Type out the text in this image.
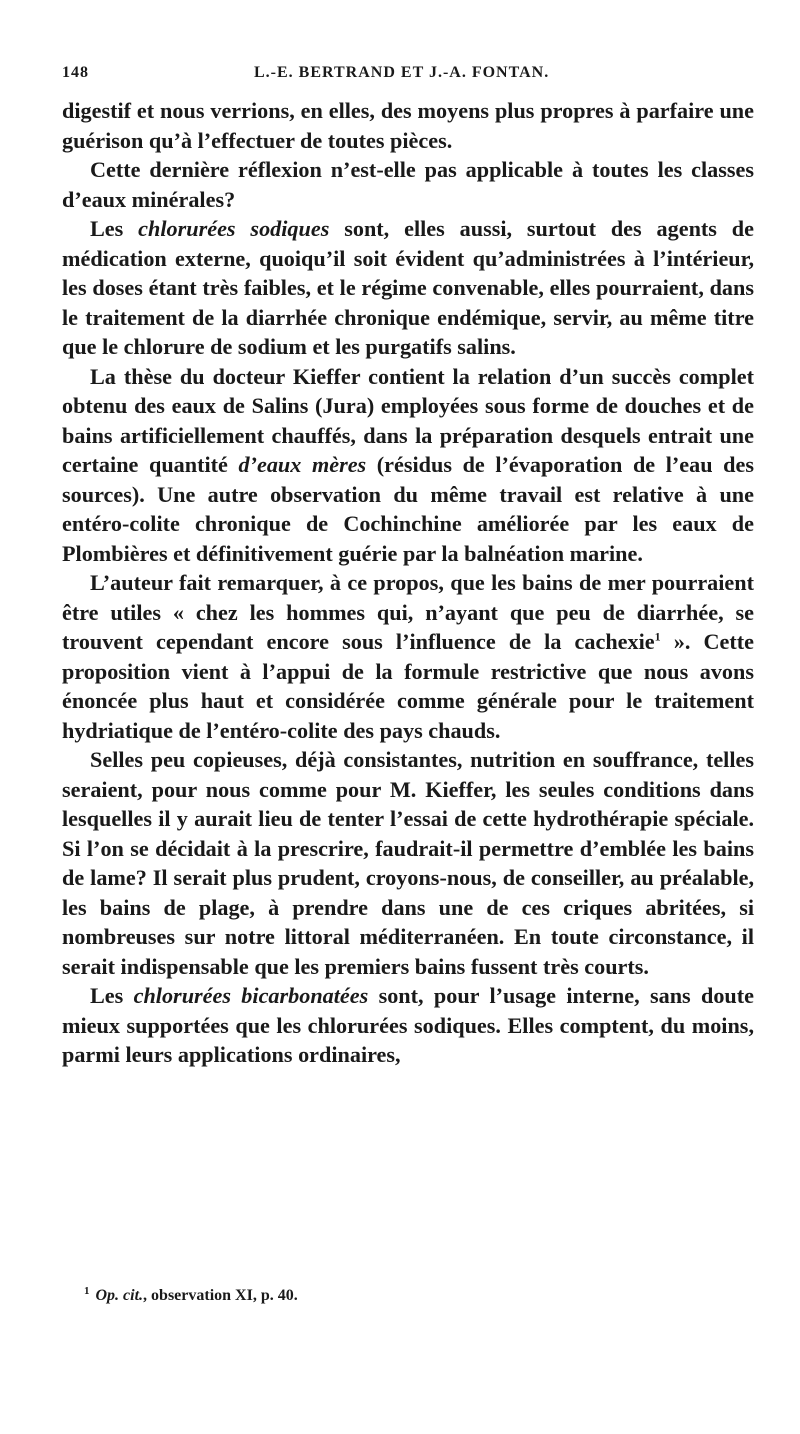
148	L.-E. BERTRAND ET J.-A. FONTAN.

digestif et nous verrions, en elles, des moyens plus propres à parfaire une guérison qu’à l’effectuer de toutes pièces.

Cette dernière réflexion n’est-elle pas applicable à toutes les classes d’eaux minérales?

Les chlorurées sodiques sont, elles aussi, surtout des agents de médication externe, quoiqu’il soit évident qu’administrées à l’intérieur, les doses étant très faibles, et le régime convenable, elles pourraient, dans le traitement de la diarrhée chronique endémique, servir, au même titre que le chlorure de sodium et les purgatifs salins.

La thèse du docteur Kieffer contient la relation d’un succès complet obtenu des eaux de Salins (Jura) employées sous forme de douches et de bains artificiellement chauffés, dans la préparation desquels entrait une certaine quantité d’eaux mères (résidus de l’évaporation de l’eau des sources). Une autre observation du même travail est relative à une entéro-colite chronique de Cochinchine améliorée par les eaux de Plombières et définitivement guérie par la balnéation marine.

L’auteur fait remarquer, à ce propos, que les bains de mer pourraient être utiles « chez les hommes qui, n’ayant que peu de diarrhée, se trouvent cependant encore sous l’influence de la cachexie$^1$ ». Cette proposition vient à l’appui de la formule restrictive que nous avons énoncée plus haut et considérée comme générale pour le traitement hydriatique de l’entéro-colite des pays chauds.

Selles peu copieuses, déjà consistantes, nutrition en souffrance, telles seraient, pour nous comme pour M. Kieffer, les seules conditions dans lesquelles il y aurait lieu de tenter l’essai de cette hydrothérapie spéciale. Si l’on se décidait à la prescrire, faudrait-il permettre d’emblée les bains de lame? Il serait plus prudent, croyons-nous, de conseiller, au préalable, les bains de plage, à prendre dans une de ces criques abritées, si nombreuses sur notre littoral méditerranéen. En toute circonstance, il serait indispensable que les premiers bains fussent très courts.

Les chlorurées bicarbonatées sont, pour l’usage interne, sans doute mieux supportées que les chlorurées sodiques. Elles comptent, du moins, parmi leurs applications ordinaires,

$^1$ Op. cit., observation XI, p. 40.
